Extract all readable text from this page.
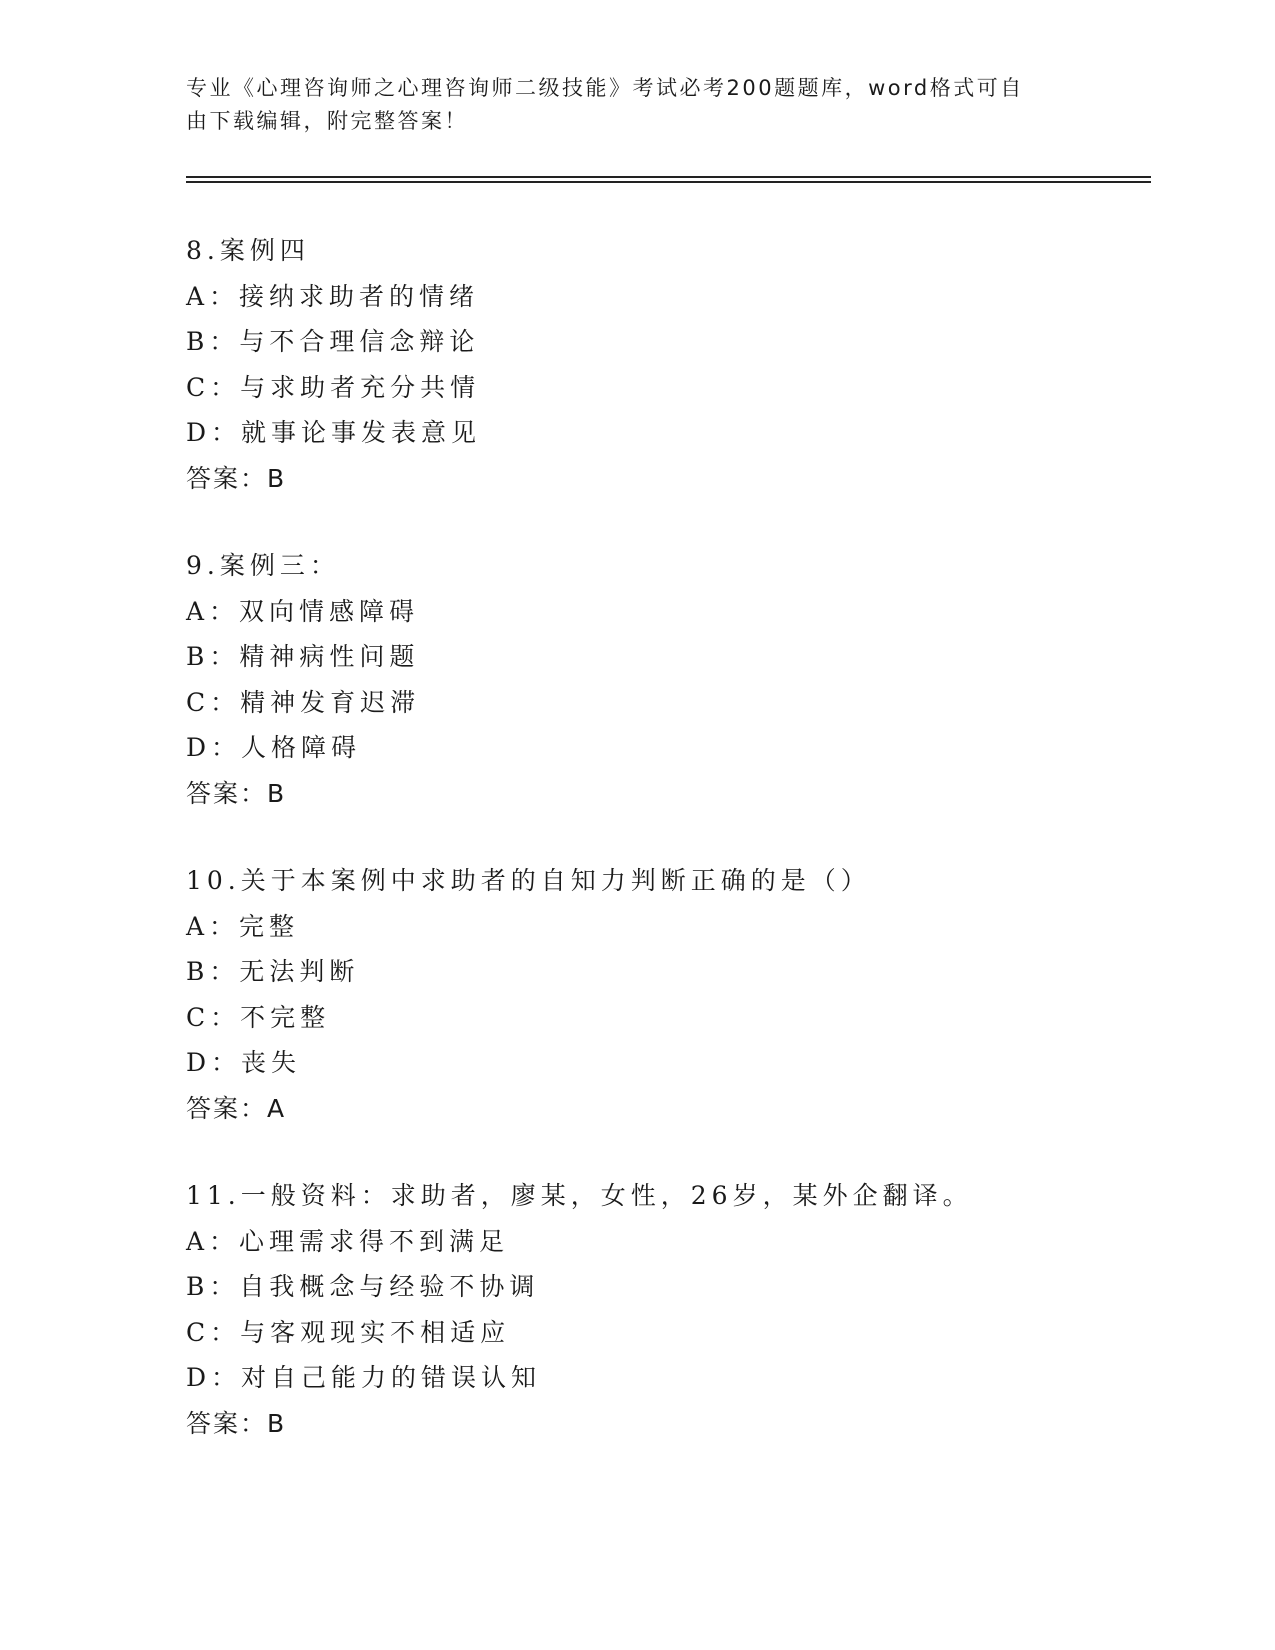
专业《心理咨询师之心理咨询师二级技能》考试必考200题题库，word格式可自
由下载编辑，附完整答案！
8.案例四
A：接纳求助者的情绪
B：与不合理信念辩论
C：与求助者充分共情
D：就事论事发表意见
答案：B
9.案例三：
A：双向情感障碍
B：精神病性问题
C：精神发育迟滞
D：人格障碍
答案：B
10.关于本案例中求助者的自知力判断正确的是（）
A：完整
B：无法判断
C：不完整
D：丧失
答案：A
11.一般资料：求助者，廖某，女性，26岁，某外企翻译。
A：心理需求得不到满足
B：自我概念与经验不协调
C：与客观现实不相适应
D：对自己能力的错误认知
答案：B
